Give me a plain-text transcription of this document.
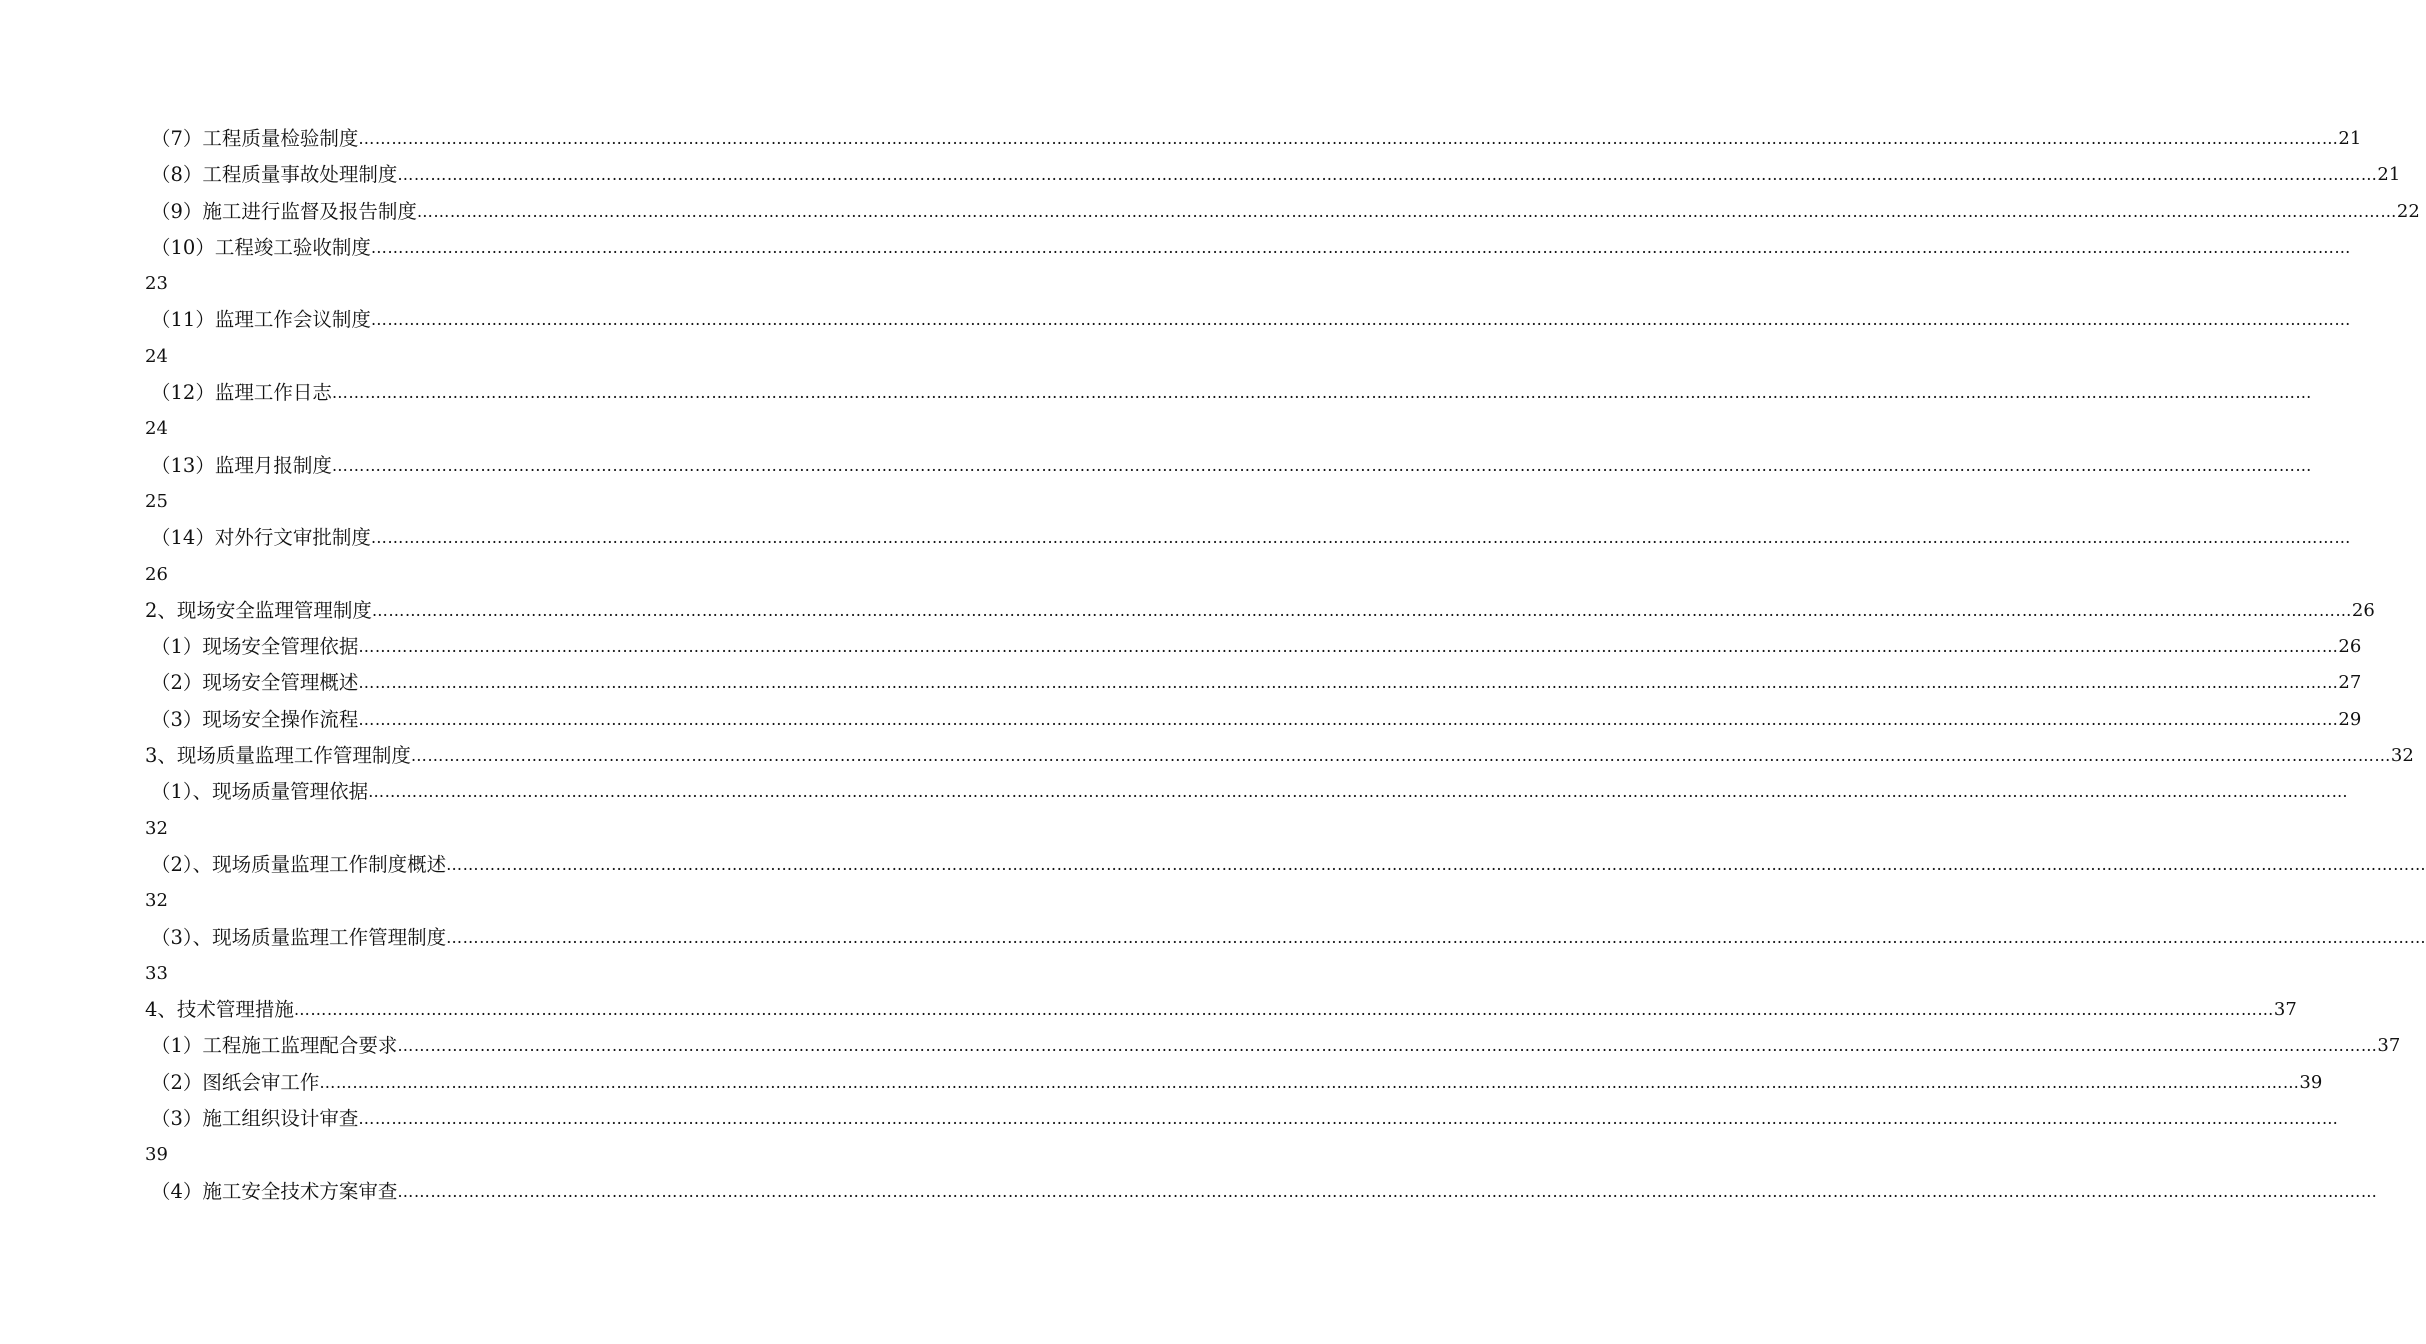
（7）工程质量检验制度 ……………………………………………………………………………………………………………………………………………………………………………………………………………………………………………………………………………………………………………………………… 21
（8）工程质量事故处理制度 ……………………………………………………………………………………………………………………………………………………………………………………………………………………………………………………………………………………………………………………………… 21
（9）施工进行监督及报告制度 ……………………………………………………………………………………………………………………………………………………………………………………………………………………………………………………………………………………………………………………………… 22
（10）工程竣工验收制度 ………………………………………………………………………………………………………………………………………………………………………………………………………………………………………………………………………………………………………………………………
23
（11）监理工作会议制度 ………………………………………………………………………………………………………………………………………………………………………………………………………………………………………………………………………………………………………………………………
24
（12）监理工作日志 ………………………………………………………………………………………………………………………………………………………………………………………………………………………………………………………………………………………………………………………………
24
（13）监理月报制度 ………………………………………………………………………………………………………………………………………………………………………………………………………………………………………………………………………………………………………………………………
25
（14）对外行文审批制度 ………………………………………………………………………………………………………………………………………………………………………………………………………………………………………………………………………………………………………………………………
26
2、现场安全监理管理制度 ……………………………………………………………………………………………………………………………………………………………………………………………………………………………………………………………………………………………………………………………… 26
（1）现场安全管理依据 ……………………………………………………………………………………………………………………………………………………………………………………………………………………………………………………………………………………………………………………………… 26
（2）现场安全管理概述 ……………………………………………………………………………………………………………………………………………………………………………………………………………………………………………………………………………………………………………………………… 27
（3）现场安全操作流程 ……………………………………………………………………………………………………………………………………………………………………………………………………………………………………………………………………………………………………………………………… 29
3、现场质量监理工作管理制度 ……………………………………………………………………………………………………………………………………………………………………………………………………………………………………………………………………………………………………………………………… 32
（1）、现场质量管理依据 ………………………………………………………………………………………………………………………………………………………………………………………………………………………………………………………………………………………………………………………………
32
（2）、现场质量监理工作制度概述 ………………………………………………………………………………………………………………………………………………………………………………………………………………………………………………………………………………………………………………………………
32
（3）、现场质量监理工作管理制度 ………………………………………………………………………………………………………………………………………………………………………………………………………………………………………………………………………………………………………………………………
33
4、技术管理措施 ……………………………………………………………………………………………………………………………………………………………………………………………………………………………………………………………………………………………………………………………… 37
（1）工程施工监理配合要求 ……………………………………………………………………………………………………………………………………………………………………………………………………………………………………………………………………………………………………………………………… 37
（2）图纸会审工作 ……………………………………………………………………………………………………………………………………………………………………………………………………………………………………………………………………………………………………………………………… 39
（3）施工组织设计审查 ………………………………………………………………………………………………………………………………………………………………………………………………………………………………………………………………………………………………………………………………
39
（4）施工安全技术方案审查 ………………………………………………………………………………………………………………………………………………………………………………………………………………………………………………………………………………………………………………………………
